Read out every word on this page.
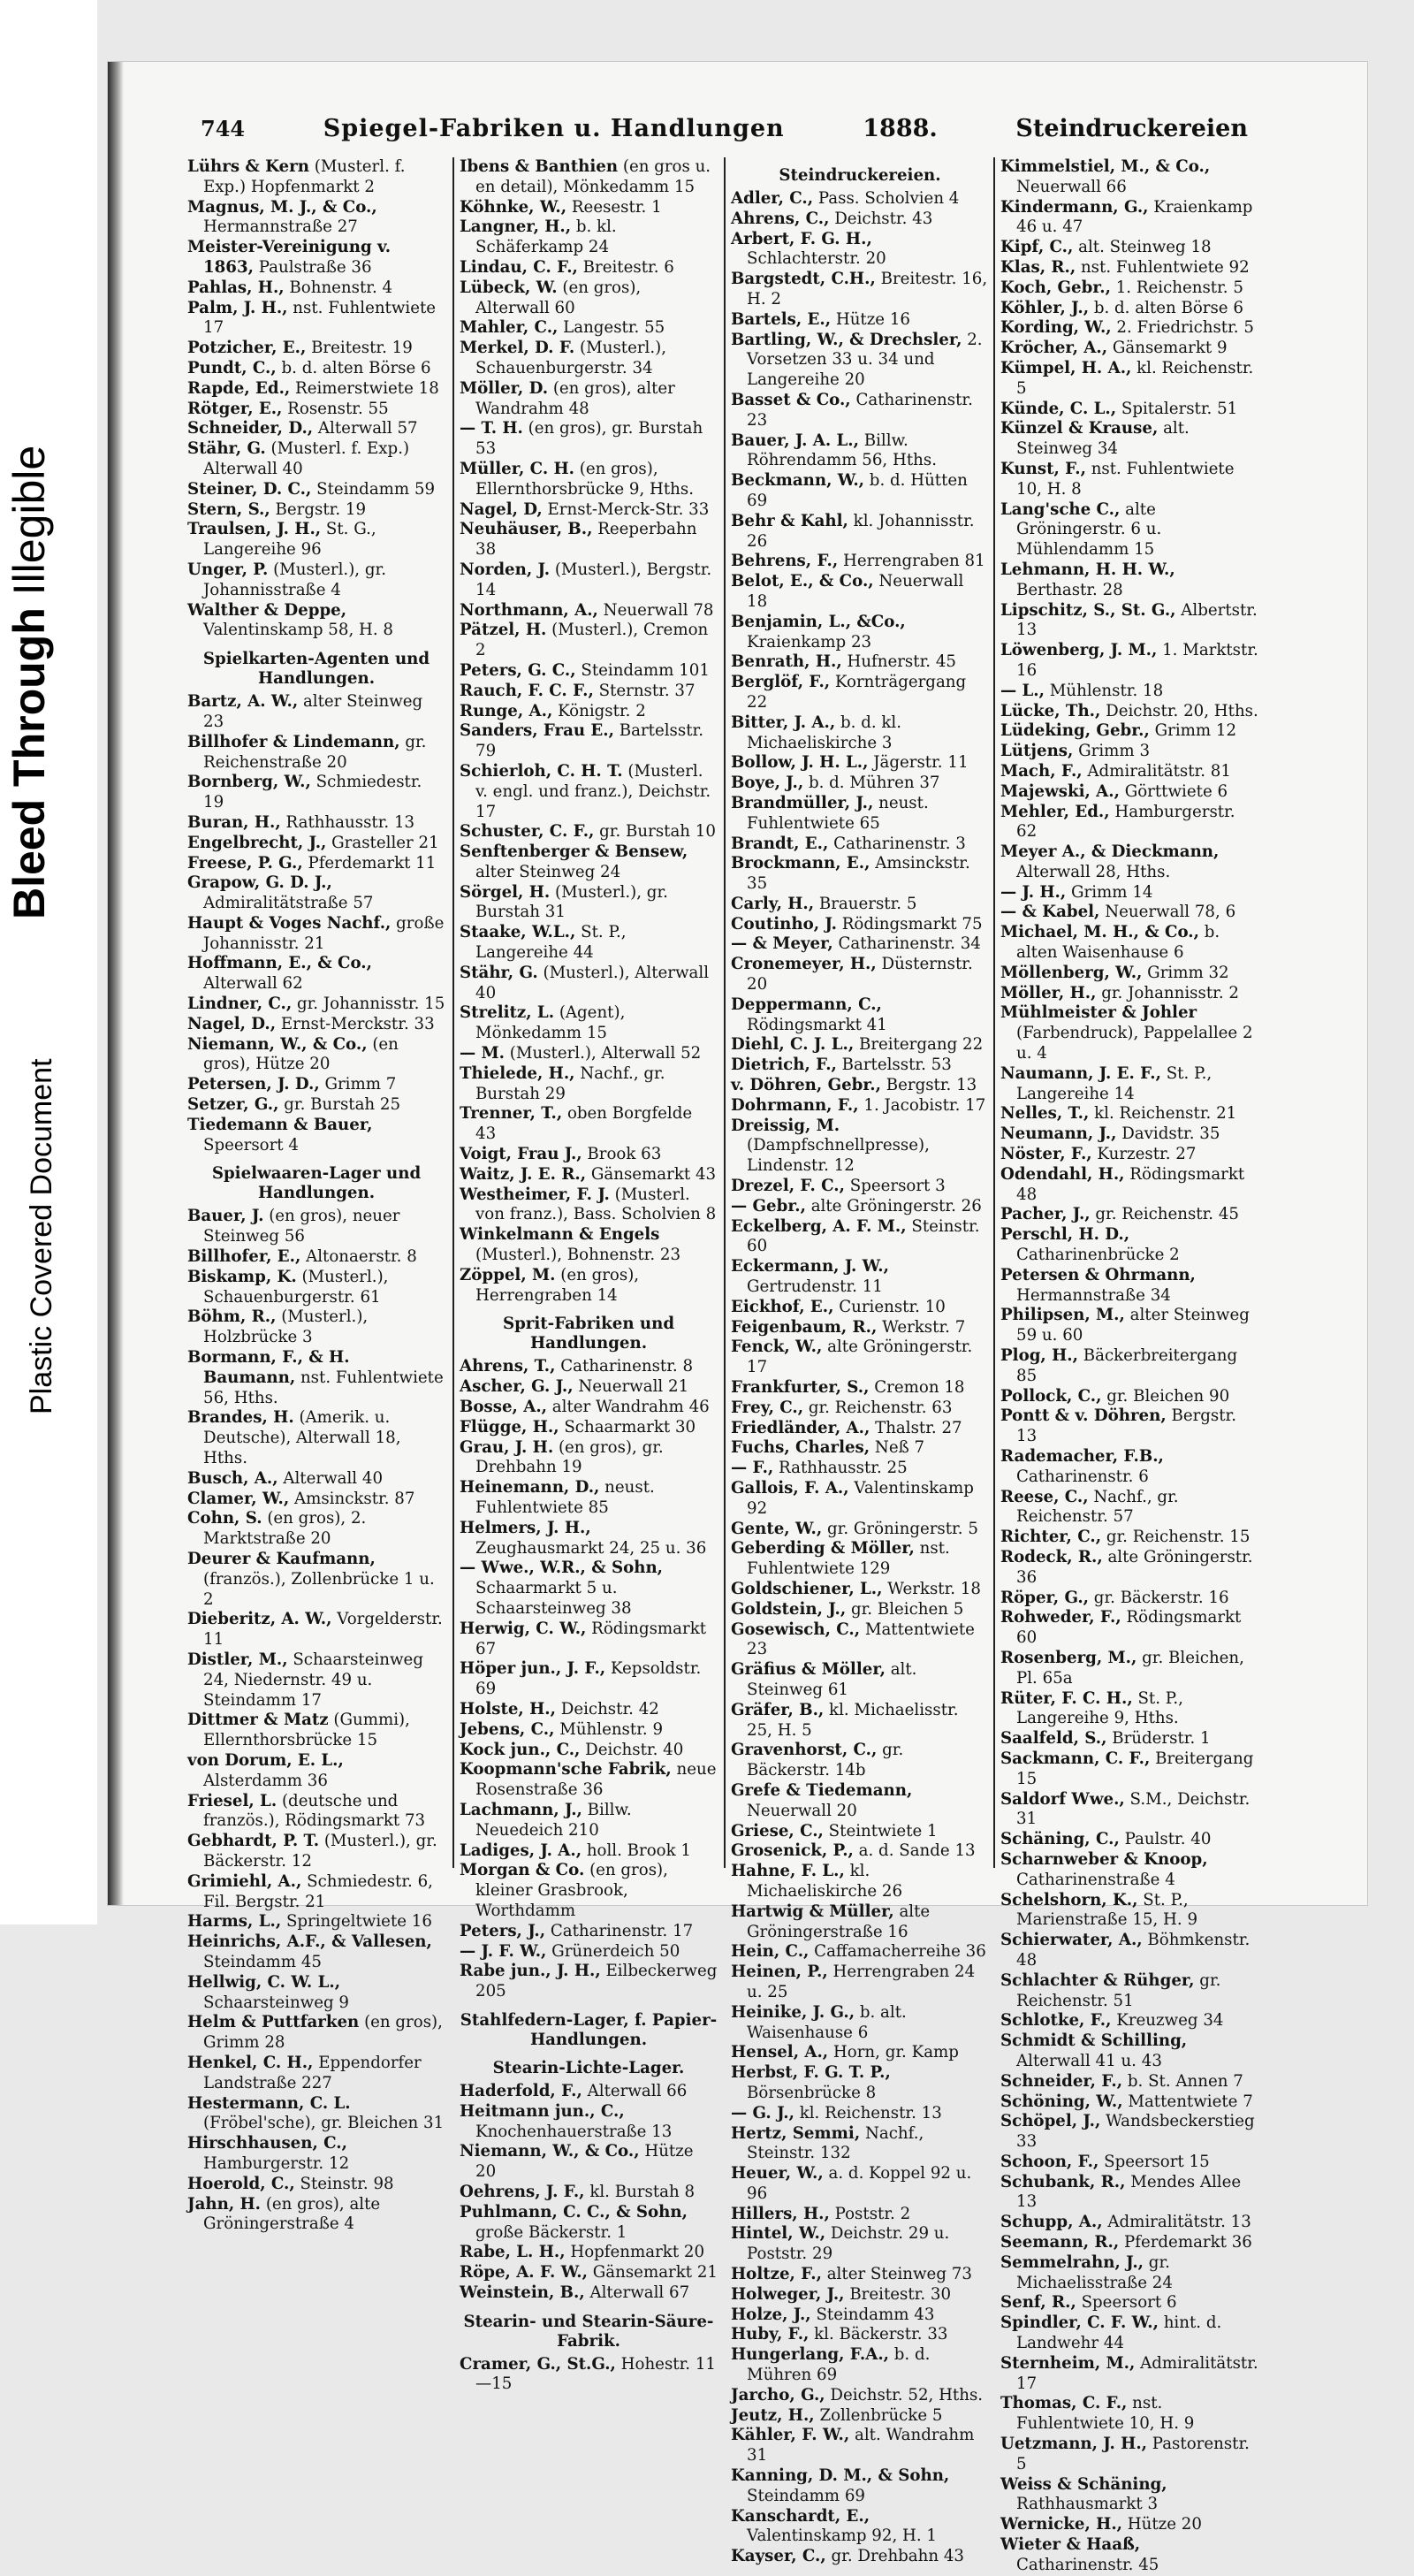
Bleed Through Illegible
Plastic Covered Document
744	Spiegel-Fabriken u. Handlungen	1888.	Steindruckereien

Lührs & Kern (Musterl. f. Exp.) Hopfenmarkt 2

Magnus, M. J., & Co., Hermannstraße 27

Meister-Vereinigung v. 1863, Paulstraße 36

Pahlas, H., Bohnenstr. 4

Palm, J. H., nst. Fuhlentwiete 17

Potzicher, E., Breitestr. 19

Pundt, C., b. d. alten Börse 6

Rapde, Ed., Reimerstwiete 18

Rötger, E., Rosenstr. 55

Schneider, D., Alterwall 57

Stähr, G. (Musterl. f. Exp.) Alterwall 40

Steiner, D. C., Steindamm 59

Stern, S., Bergstr. 19

Traulsen, J. H., St. G., Langereihe 96

Unger, P. (Musterl.), gr. Johannisstraße 4

Walther & Deppe, Valentinskamp 58, H. 8

Spielkarten-Agenten und Handlungen.

Bartz, A. W., alter Steinweg 23

Billhofer & Lindemann, gr. Reichenstraße 20

Bornberg, W., Schmiedestr. 19

Buran, H., Rathhausstr. 13

Engelbrecht, J., Grasteller 21

Freese, P. G., Pferdemarkt 11

Grapow, G. D. J., Admiralitätstraße 57

Haupt & Voges Nachf., große Johannisstr. 21

Hoffmann, E., & Co., Alterwall 62

Lindner, C., gr. Johannisstr. 15

Nagel, D., Ernst-Merckstr. 33

Niemann, W., & Co., (en gros), Hütze 20

Petersen, J. D., Grimm 7

Setzer, G., gr. Burstah 25

Tiedemann & Bauer, Speersort 4

Spielwaaren-Lager und Handlungen.

Bauer, J. (en gros), neuer Steinweg 56

Billhofer, E., Altonaerstr. 8

Biskamp, K. (Musterl.), Schauenburgerstr. 61

Böhm, R., (Musterl.), Holzbrücke 3

Bormann, F., & H. Baumann, nst. Fuhlentwiete 56, Hths.

Brandes, H. (Amerik. u. Deutsche), Alterwall 18, Hths.

Busch, A., Alterwall 40

Clamer, W., Amsinckstr. 87

Cohn, S. (en gros), 2. Marktstraße 20

Deurer & Kaufmann, (französ.), Zollenbrücke 1 u. 2

Dieberitz, A. W., Vorgelderstr. 11

Distler, M., Schaarsteinweg 24, Niedernstr. 49 u. Steindamm 17

Dittmer & Matz (Gummi), Ellernthorsbrücke 15

von Dorum, E. L., Alsterdamm 36

Friesel, L. (deutsche und französ.), Rödingsmarkt 73

Gebhardt, P. T. (Musterl.), gr. Bäckerstr. 12

Grimiehl, A., Schmiedestr. 6, Fil. Bergstr. 21

Harms, L., Springeltwiete 16

Heinrichs, A.F., & Vallesen, Steindamm 45

Hellwig, C. W. L., Schaarsteinweg 9

Helm & Puttfarken (en gros), Grimm 28

Henkel, C. H., Eppendorfer Landstraße 227

Hestermann, C. L. (Fröbel'sche), gr. Bleichen 31

Hirschhausen, C., Hamburgerstr. 12

Hoerold, C., Steinstr. 98

Jahn, H. (en gros), alte Gröningerstraße 4

Ibens & Banthien (en gros u. en detail), Mönkedamm 15

Köhnke, W., Reesestr. 1

Langner, H., b. kl. Schäferkamp 24

Lindau, C. F., Breitestr. 6

Lübeck, W. (en gros), Alterwall 60

Mahler, C., Langestr. 55

Merkel, D. F. (Musterl.), Schauenburgerstr. 34

Möller, D. (en gros), alter Wandrahm 48

— T. H. (en gros), gr. Burstah 53

Müller, C. H. (en gros), Ellernthorsbrücke 9, Hths.

Nagel, D, Ernst-Merck-Str. 33

Neuhäuser, B., Reeperbahn 38

Norden, J. (Musterl.), Bergstr. 14

Northmann, A., Neuerwall 78

Pätzel, H. (Musterl.), Cremon 2

Peters, G. C., Steindamm 101

Rauch, F. C. F., Sternstr. 37

Runge, A., Königstr. 2

Sanders, Frau E., Bartelsstr. 79

Schierloh, C. H. T. (Musterl. v. engl. und franz.), Deichstr. 17

Schuster, C. F., gr. Burstah 10

Senftenberger & Bensew, alter Steinweg 24

Sörgel, H. (Musterl.), gr. Burstah 31

Staake, W.L., St. P., Langereihe 44

Stähr, G. (Musterl.), Alterwall 40

Strelitz, L. (Agent), Mönkedamm 15

— M. (Musterl.), Alterwall 52

Thielede, H., Nachf., gr. Burstah 29

Trenner, T., oben Borgfelde 43

Voigt, Frau J., Brook 63

Waitz, J. E. R., Gänsemarkt 43

Westheimer, F. J. (Musterl. von franz.), Bass. Scholvien 8

Winkelmann & Engels (Musterl.), Bohnenstr. 23

Zöppel, M. (en gros), Herrengraben 14

Sprit-Fabriken und Handlungen.

Ahrens, T., Catharinenstr. 8

Ascher, G. J., Neuerwall 21

Bosse, A., alter Wandrahm 46

Flügge, H., Schaarmarkt 30

Grau, J. H. (en gros), gr. Drehbahn 19

Heinemann, D., neust. Fuhlentwiete 85

Helmers, J. H., Zeughausmarkt 24, 25 u. 36

— Wwe., W.R., & Sohn, Schaarmarkt 5 u. Schaarsteinweg 38

Herwig, C. W., Rödingsmarkt 67

Höper jun., J. F., Kepsoldstr. 69

Holste, H., Deichstr. 42

Jebens, C., Mühlenstr. 9

Kock jun., C., Deichstr. 40

Koopmann'sche Fabrik, neue Rosenstraße 36

Lachmann, J., Billw. Neuedeich 210

Ladiges, J. A., holl. Brook 1

Morgan & Co. (en gros), kleiner Grasbrook, Worthdamm

Peters, J., Catharinenstr. 17

— J. F. W., Grünerdeich 50

Rabe jun., J. H., Eilbeckerweg 205

Stahlfedern-Lager, f. Papier-Handlungen.
Stearin-Lichte-Lager.

Haderfold, F., Alterwall 66

Heitmann jun., C., Knochenhauerstraße 13

Niemann, W., & Co., Hütze 20

Oehrens, J. F., kl. Burstah 8

Puhlmann, C. C., & Sohn, große Bäckerstr. 1

Rabe, L. H., Hopfenmarkt 20

Röpe, A. F. W., Gänsemarkt 21

Weinstein, B., Alterwall 67

Stearin- und Stearin-Säure-Fabrik.

Cramer, G., St.G., Hohestr. 11—15

Steindruckereien.

Adler, C., Pass. Scholvien 4

Ahrens, C., Deichstr. 43

Arbert, F. G. H., Schlachterstr. 20

Bargstedt, C.H., Breitestr. 16, H. 2

Bartels, E., Hütze 16

Bartling, W., & Drechsler, 2. Vorsetzen 33 u. 34 und Langereihe 20

Basset & Co., Catharinenstr. 23

Bauer, J. A. L., Billw. Röhrendamm 56, Hths.

Beckmann, W., b. d. Hütten 69

Behr & Kahl, kl. Johannisstr. 26

Behrens, F., Herrengraben 81

Belot, E., & Co., Neuerwall 18

Benjamin, L., &Co., Kraienkamp 23

Benrath, H., Hufnerstr. 45

Berglöf, F., Kornträgergang 22

Bitter, J. A., b. d. kl. Michaeliskirche 3

Bollow, J. H. L., Jägerstr. 11

Boye, J., b. d. Mühren 37

Brandmüller, J., neust. Fuhlentwiete 65

Brandt, E., Catharinenstr. 3

Brockmann, E., Amsinckstr. 35

Carly, H., Brauerstr. 5

Coutinho, J. Rödingsmarkt 75

— & Meyer, Catharinenstr. 34

Cronemeyer, H., Düsternstr. 20

Deppermann, C., Rödingsmarkt 41

Diehl, C. J. L., Breitergang 22

Dietrich, F., Bartelsstr. 53

v. Döhren, Gebr., Bergstr. 13

Dohrmann, F., 1. Jacobistr. 17

Dreissig, M. (Dampfschnellpresse), Lindenstr. 12

Drezel, F. C., Speersort 3

— Gebr., alte Gröningerstr. 26

Eckelberg, A. F. M., Steinstr. 60

Eckermann, J. W., Gertrudenstr. 11

Eickhof, E., Curienstr. 10

Feigenbaum, R., Werkstr. 7

Fenck, W., alte Gröningerstr. 17

Frankfurter, S., Cremon 18

Frey, C., gr. Reichenstr. 63

Friedländer, A., Thalstr. 27

Fuchs, Charles, Neß 7

— F., Rathhausstr. 25

Gallois, F. A., Valentinskamp 92

Gente, W., gr. Gröningerstr. 5

Geberding & Möller, nst. Fuhlentwiete 129

Goldschiener, L., Werkstr. 18

Goldstein, J., gr. Bleichen 5

Gosewisch, C., Mattentwiete 23

Gräfius & Möller, alt. Steinweg 61

Gräfer, B., kl. Michaelisstr. 25, H. 5

Gravenhorst, C., gr. Bäckerstr. 14b

Grefe & Tiedemann, Neuerwall 20

Griese, C., Steintwiete 1

Grosenick, P., a. d. Sande 13

Hahne, F. L., kl. Michaeliskirche 26

Hartwig & Müller, alte Gröningerstraße 16

Hein, C., Caffamacherreihe 36

Heinen, P., Herrengraben 24 u. 25

Heinike, J. G., b. alt. Waisenhause 6

Hensel, A., Horn, gr. Kamp

Herbst, F. G. T. P., Börsenbrücke 8

— G. J., kl. Reichenstr. 13

Hertz, Semmi, Nachf., Steinstr. 132

Heuer, W., a. d. Koppel 92 u. 96

Hillers, H., Poststr. 2

Hintel, W., Deichstr. 29 u. Poststr. 29

Holtze, F., alter Steinweg 73

Holweger, J., Breitestr. 30

Holze, J., Steindamm 43

Huby, F., kl. Bäckerstr. 33

Hungerlang, F.A., b. d. Mühren 69

Jarcho, G., Deichstr. 52, Hths.

Jeutz, H., Zollenbrücke 5

Kähler, F. W., alt. Wandrahm 31

Kanning, D. M., & Sohn, Steindamm 69

Kanschardt, E., Valentinskamp 92, H. 1

Kayser, C., gr. Drehbahn 43

Kimmelstiel, M., & Co., Neuerwall 66

Kindermann, G., Kraienkamp 46 u. 47

Kipf, C., alt. Steinweg 18

Klas, R., nst. Fuhlentwiete 92

Koch, Gebr., 1. Reichenstr. 5

Köhler, J., b. d. alten Börse 6

Kording, W., 2. Friedrichstr. 5

Kröcher, A., Gänsemarkt 9

Kümpel, H. A., kl. Reichenstr. 5

Künde, C. L., Spitalerstr. 51

Künzel & Krause, alt. Steinweg 34

Kunst, F., nst. Fuhlentwiete 10, H. 8

Lang'sche C., alte Gröningerstr. 6 u. Mühlendamm 15

Lehmann, H. H. W., Berthastr. 28

Lipschitz, S., St. G., Albertstr. 13

Löwenberg, J. M., 1. Marktstr. 16

— L., Mühlenstr. 18

Lücke, Th., Deichstr. 20, Hths.

Lüdeking, Gebr., Grimm 12

Lütjens, Grimm 3

Mach, F., Admiralitätstr. 81

Majewski, A., Görttwiete 6

Mehler, Ed., Hamburgerstr. 62

Meyer A., & Dieckmann, Alterwall 28, Hths.

— J. H., Grimm 14

— & Kabel, Neuerwall 78, 6

Michael, M. H., & Co., b. alten Waisenhause 6

Möllenberg, W., Grimm 32

Möller, H., gr. Johannisstr. 2

Mühlmeister & Johler (Farbendruck), Pappelallee 2 u. 4

Naumann, J. E. F., St. P., Langereihe 14

Nelles, T., kl. Reichenstr. 21

Neumann, J., Davidstr. 35

Nöster, F., Kurzestr. 27

Odendahl, H., Rödingsmarkt 48

Pacher, J., gr. Reichenstr. 45

Perschl, H. D., Catharinenbrücke 2

Petersen & Ohrmann, Hermannstraße 34

Philipsen, M., alter Steinweg 59 u. 60

Plog, H., Bäckerbreitergang 85

Pollock, C., gr. Bleichen 90

Pontt & v. Döhren, Bergstr. 13

Rademacher, F.B., Catharinenstr. 6

Reese, C., Nachf., gr. Reichenstr. 57

Richter, C., gr. Reichenstr. 15

Rodeck, R., alte Gröningerstr. 36

Röper, G., gr. Bäckerstr. 16

Rohweder, F., Rödingsmarkt 60

Rosenberg, M., gr. Bleichen, Pl. 65a

Rüter, F. C. H., St. P., Langereihe 9, Hths.

Saalfeld, S., Brüderstr. 1

Sackmann, C. F., Breitergang 15

Saldorf Wwe., S.M., Deichstr. 31

Schäning, C., Paulstr. 40

Scharnweber & Knoop, Catharinenstraße 4

Schelshorn, K., St. P., Marienstraße 15, H. 9

Schierwater, A., Böhmkenstr. 48

Schlachter & Rühger, gr. Reichenstr. 51

Schlotke, F., Kreuzweg 34

Schmidt & Schilling, Alterwall 41 u. 43

Schneider, F., b. St. Annen 7

Schöning, W., Mattentwiete 7

Schöpel, J., Wandsbeckerstieg 33

Schoon, F., Speersort 15

Schubank, R., Mendes Allee 13

Schupp, A., Admiralitätstr. 13

Seemann, R., Pferdemarkt 36

Semmelrahn, J., gr. Michaelisstraße 24

Senf, R., Speersort 6

Spindler, C. F. W., hint. d. Landwehr 44

Sternheim, M., Admiralitätstr. 17

Thomas, C. F., nst. Fuhlentwiete 10, H. 9

Uetzmann, J. H., Pastorenstr. 5

Weiss & Schäning, Rathhausmarkt 3

Wernicke, H., Hütze 20

Wieter & Haaß, Catharinenstr. 45
